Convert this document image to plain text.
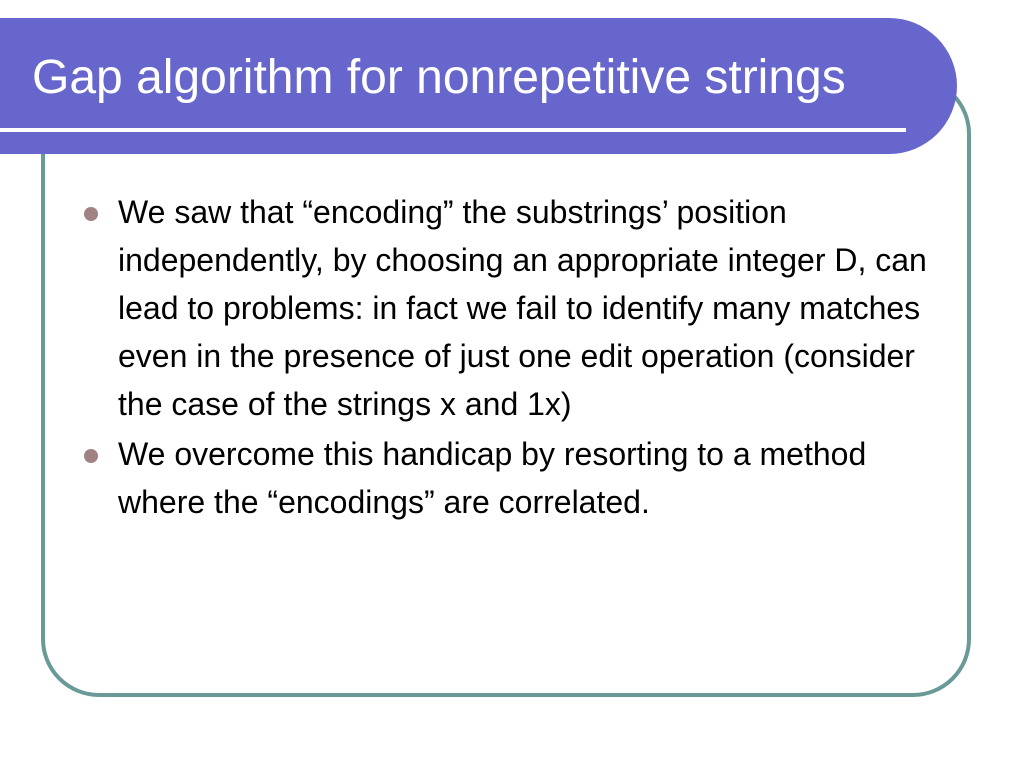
Gap algorithm for nonrepetitive strings
We saw that “encoding” the substrings’ position independently, by choosing an appropriate integer D, can lead to problems: in fact we fail to identify many matches even in the presence of just one edit operation (consider the case of the strings x and 1x)
We overcome this handicap by resorting to a method where the “encodings” are correlated.
